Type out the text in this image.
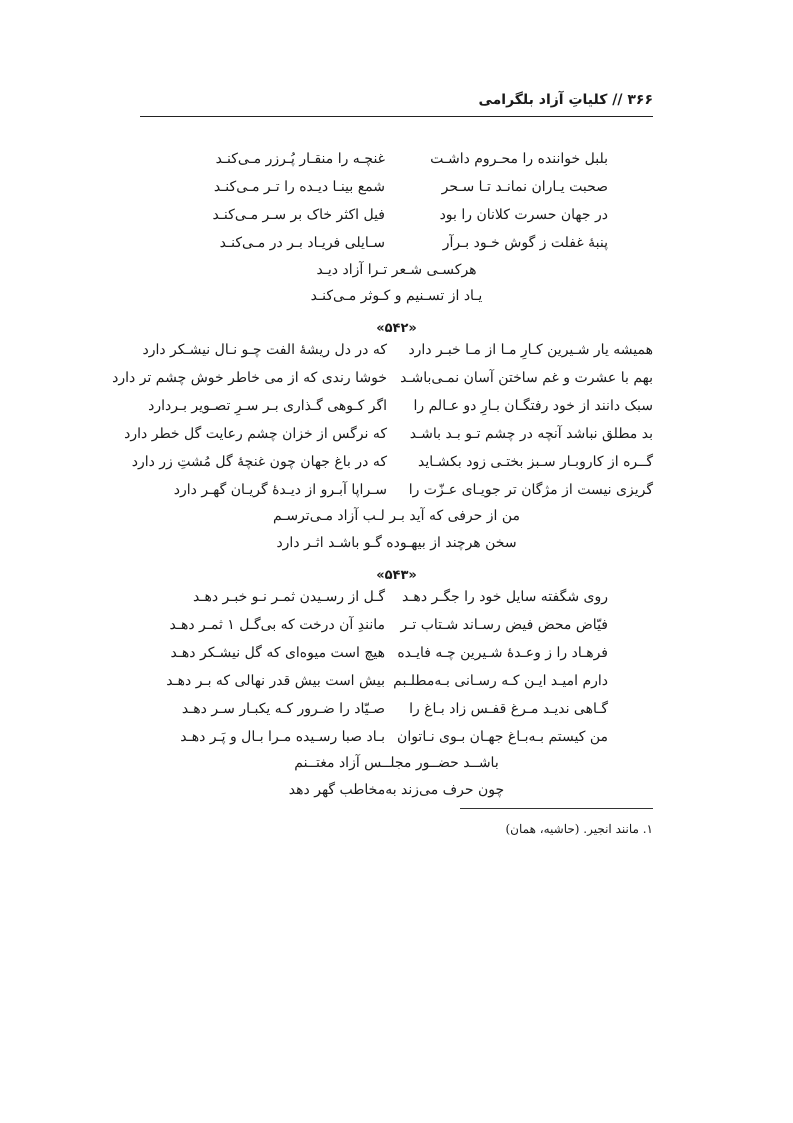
۳۶۶ // کلیاتِ آزاد بلگرامی
بلبل خواننده را محـروم داشـت
غنچـه را منقـار پُـرزر مـی‌کنـد
صحبت یـاران نمانـد تـا سـحر
شمع بینـا دیـده را تـر مـی‌کنـد
در جهان حسرت کلانان را بود
فیل اکثر خاک بر سـر مـی‌کنـد
پنبهٔ غفلت ز گوش خـود بـرآر
سـایلی فریـاد بـر در مـی‌کنـد
هرکسـی شـعر تـرا آزاد دیـد
یـاد از تسـنیم و کـوثر مـی‌کنـد
«۵۴۲»
همیشه یار شـیرین کـارِ مـا از مـا خبـر دارد
که در دل ریشهٔ الفت چـو نـال نیشـکر دارد
بهم با عشرت و غم ساختن آسان نمـی‌باشـد
خوشا رندی که از می خاطر خوش چشم تر دارد
سبک دانند از خود رفتگـان بـارِ دو عـالم را
اگر کـوهی گـذاری بـر سـرِ تصـویر بـردارد
بد مطلق نباشد آنچه در چشم تـو بـد باشـد
که نرگس از خزان چشم رعایت گل خطر دارد
گــره از کاروبـار سـبز بختـی زود بکشـاید
که در باغ جهان چون غنچهٔ گل مُشتِ زر دارد
گریزی نیست از مژگان تر جویـای عـزّت را
سـراپا آبـرو از دیـدهٔ گریـان گهـر دارد
من از حرفی که آید بـر لـب آزاد مـی‌ترسـم
سخن هرچند از بیهـوده گـو باشـد اثـر دارد
«۵۴۳»
روی شگفته سایل خود را جگـر دهـد
گـل از رسـیدن ثمـر نـو خبـر دهـد
فیّاض محض فیض رسـاند شـتاب تـر
مانندِ آن درخت که بی‌گـل ۱ ثمـر دهـد
فرهـاد را ز وعـدهٔ شـیرین چـه فایـده
هیچ است میوه‌ای که گل نیشـکر دهـد
دارم امیـد ایـن کـه رسـانی بـه‌مطلـبم
بیش است بیش قدر نهالی که بـر دهـد
گـاهی ندیـد مـرغ قفـس زاد بـاغ را
صـیّاد را ضـرور کـه یکبـار سـر دهـد
من کیستم بـه‌بـاغ جهـان بـوی نـاتوان
بـاد صبا رسـیده مـرا بـال و پَـر دهـد
باشــد حضــور مجلــس آزاد مغتــنم
چون حرف می‌زند به‌مخاطب گهر دهد
۱. مانند انجیر. (حاشیه، همان)
